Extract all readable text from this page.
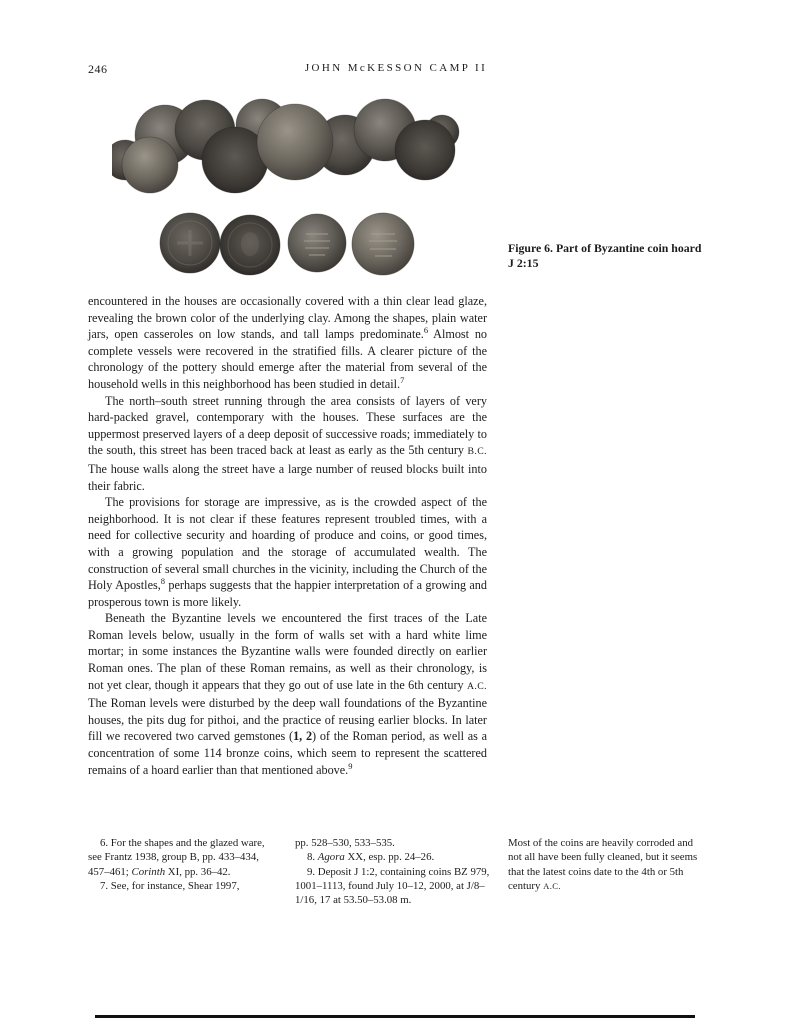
246	JOHN McKESSON CAMP II
Figure 6. Part of Byzantine coin hoard J 2:15

encountered in the houses are occasionally covered with a thin clear lead glaze, revealing the brown color of the underlying clay. Among the shapes, plain water jars, open casseroles on low stands, and tall lamps predominate.$^6$ Almost no complete vessels were recovered in the stratified fills. A clearer picture of the chronology of the pottery should emerge after the material from several of the household wells in this neighborhood has been studied in detail.$^7$

The north–south street running through the area consists of layers of very hard-packed gravel, contemporary with the houses. These surfaces are the uppermost preserved layers of a deep deposit of successive roads; immediately to the south, this street has been traced back at least as early as the 5th century B.C. The house walls along the street have a large number of reused blocks built into their fabric.

The provisions for storage are impressive, as is the crowded aspect of the neighborhood. It is not clear if these features represent troubled times, with a need for collective security and hoarding of produce and coins, or good times, with a growing population and the storage of accumulated wealth. The construction of several small churches in the vicinity, including the Church of the Holy Apostles,$^8$ perhaps suggests that the happier interpretation of a growing and prosperous town is more likely.

Beneath the Byzantine levels we encountered the first traces of the Late Roman levels below, usually in the form of walls set with a hard white lime mortar; in some instances the Byzantine walls were founded directly on earlier Roman ones. The plan of these Roman remains, as well as their chronology, is not yet clear, though it appears that they go out of use late in the 6th century A.C. The Roman levels were disturbed by the deep wall foundations of the Byzantine houses, the pits dug for pithoi, and the practice of reusing earlier blocks. In later fill we recovered two carved gemstones (1, 2) of the Roman period, as well as a concentration of some 114 bronze coins, which seem to represent the scattered remains of a hoard earlier than that mentioned above.$^9$

6. For the shapes and the glazed ware, see Frantz 1938, group B, pp. 433–434, 457–461; Corinth XI, pp. 36–42.

7. See, for instance, Shear 1997,

pp. 528–530, 533–535.

8. Agora XX, esp. pp. 24–26.

9. Deposit J 1:2, containing coins BZ 979, 1001–1113, found July 10–12, 2000, at J/8–1/16, 17 at 53.50–53.08 m.

Most of the coins are heavily corroded and not all have been fully cleaned, but it seems that the latest coins date to the 4th or 5th century A.C.
